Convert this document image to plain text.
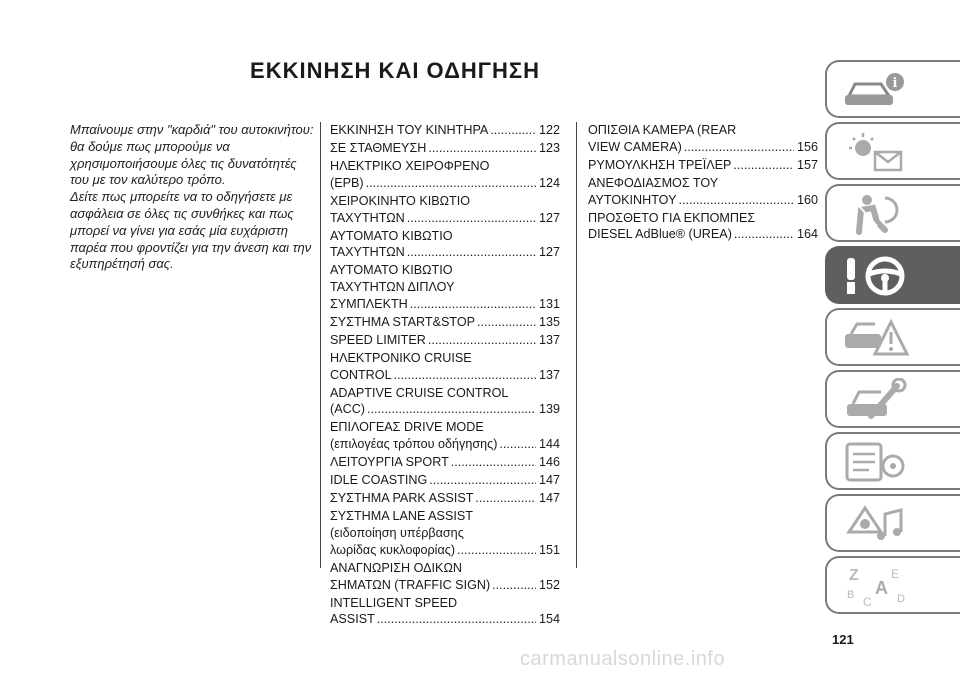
ΕΚΚΙΝΗΣΗ ΚΑΙ ΟΔΗΓΗΣΗ

Μπαίνουμε στην "καρδιά" του αυτοκινήτου: θα δούμε πως μπορούμε να χρησιμοποιήσουμε όλες τις δυνατότητές του με τον καλύτερο τρόπο.

Δείτε πως μπορείτε να το οδηγήσετε με ασφάλεια σε όλες τις συνθήκες και πως μπορεί να γίνει για εσάς μία ευχάριστη παρέα που φροντίζει για την άνεση και την εξυπηρέτησή σας.

ΕΚΚΙΝΗΣΗ ΤΟΥ ΚΙΝΗΤΗΡΑ .....	122
ΣΕ ΣΤΑΘΜΕΥΣΗ .....	123
ΗΛΕΚΤΡΙΚΟ ΧΕΙΡΟΦΡΕΝΟ
(EPB) .....	124
ΧΕΙΡΟΚΙΝΗΤΟ ΚΙΒΩΤΙΟ
ΤΑΧΥΤΗΤΩΝ .....	127
ΑΥΤΟΜΑΤΟ ΚΙΒΩΤΙΟ
ΤΑΧΥΤΗΤΩΝ .....	127
ΑΥΤΟΜΑΤΟ ΚΙΒΩΤΙΟ
ΤΑΧΥΤΗΤΩΝ ΔΙΠΛΟΥ
ΣΥΜΠΛΕΚΤΗ .....	131
ΣΥΣΤΗΜΑ START&STOP .....	135
SPEED LIMITER .....	137
ΗΛΕΚΤΡΟΝΙΚΟ CRUISE
CONTROL .....	137
ADAPTIVE CRUISE CONTROL
(ACC) .....	139
ΕΠΙΛΟΓΕΑΣ DRIVE MODE
(επιλογέας τρόπου οδήγησης) .....	144
ΛΕΙΤΟΥΡΓΙΑ SPORT .....	146
IDLE COASTING .....	147
ΣΥΣΤΗΜΑ PARK ASSIST .....	147
ΣΥΣΤΗΜΑ LANE ASSIST
(ειδοποίηση υπέρβασης
λωρίδας κυκλοφορίας) .....	151
ΑΝΑΓΝΩΡΙΣΗ ΟΔΙΚΩΝ
ΣΗΜΑΤΩΝ (TRAFFIC SIGN) .....	152
INTELLIGENT SPEED
ASSIST .....	154
ΟΠΙΣΘΙΑ ΚΑΜΕΡΑ (REAR
VIEW CAMERA) .....	156
ΡΥΜΟΥΛΚΗΣΗ ΤΡΕΪΛΕΡ .....	157
ΑΝΕΦΟΔΙΑΣΜΟΣ ΤΟΥ
ΑΥΤΟΚΙΝΗΤΟΥ .....	160
ΠΡΟΣΘΕΤΟ ΓΙΑ ΕΚΠΟΜΠΕΣ
DIESEL AdBlue® (UREA) .....	164
i
Z	E
A
B C D
121
carmanualsonline.info
